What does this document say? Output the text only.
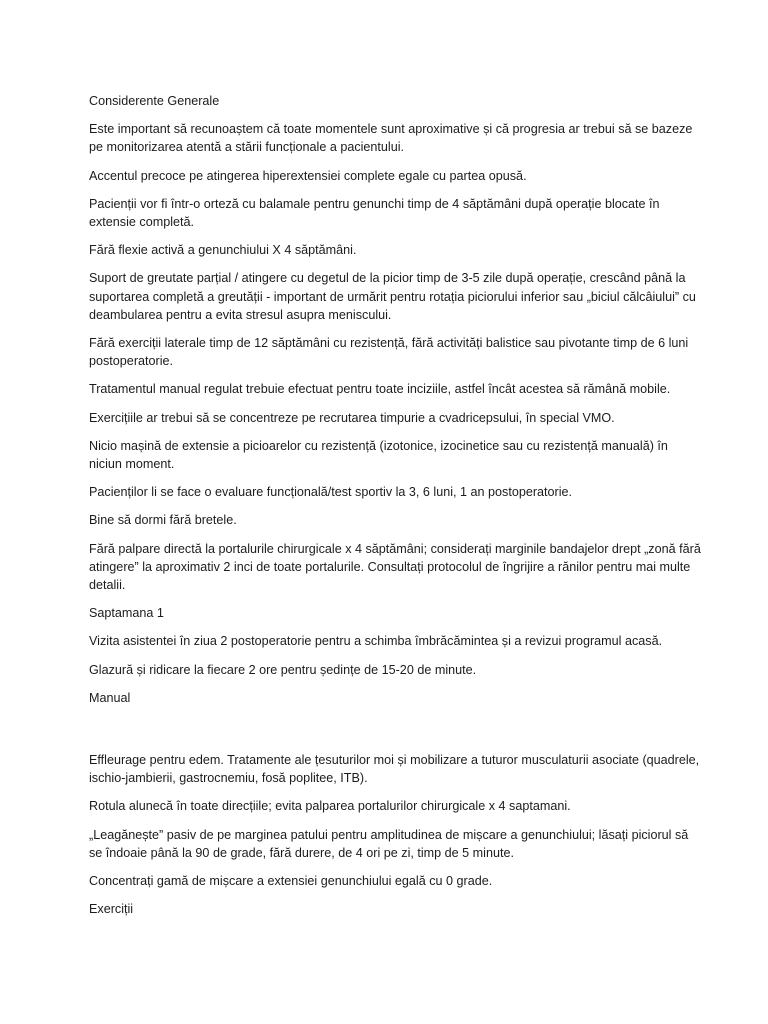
Considerente Generale

Este important să recunoaștem că toate momentele sunt aproximative și că progresia ar trebui să se bazeze pe monitorizarea atentă a stării funcționale a pacientului.

Accentul precoce pe atingerea hiperextensiei complete egale cu partea opusă.

Pacienții vor fi într-o orteză cu balamale pentru genunchi timp de 4 săptămâni după operație blocate în extensie completă.

Fără flexie activă a genunchiului X 4 săptămâni.

Suport de greutate parțial / atingere cu degetul de la picior timp de 3-5 zile după operație, crescând până la suportarea completă a greutății - important de urmărit pentru rotația piciorului inferior sau „biciul călcâiului” cu deambularea pentru a evita stresul asupra meniscului.

Fără exerciții laterale timp de 12 săptămâni cu rezistență, fără activități balistice sau pivotante timp de 6 luni postoperatorie.

Tratamentul manual regulat trebuie efectuat pentru toate inciziile, astfel încât acestea să rămână mobile.

Exercițiile ar trebui să se concentreze pe recrutarea timpurie a cvadricepsului, în special VMO.

Nicio mașină de extensie a picioarelor cu rezistență (izotonice, izocinetice sau cu rezistență manuală) în niciun moment.

Pacienților li se face o evaluare funcțională/test sportiv la 3, 6 luni, 1 an postoperatorie.

Bine să dormi fără bretele.

Fără palpare directă la portalurile chirurgicale x 4 săptămâni; considerați marginile bandajelor drept „zonă fără atingere” la aproximativ 2 inci de toate portalurile. Consultați protocolul de îngrijire a rănilor pentru mai multe detalii.

Saptamana 1

Vizita asistentei în ziua 2 postoperatorie pentru a schimba îmbrăcămintea și a revizui programul acasă.

Glazură și ridicare la fiecare 2 ore pentru ședințe de 15-20 de minute.

Manual

Effleurage pentru edem. Tratamente ale țesuturilor moi și mobilizare a tuturor musculaturii asociate (quadrele, ischio-jambierii, gastrocnemiu, fosă poplitee, ITB).

Rotula alunecă în toate direcțiile; evita palparea portalurilor chirurgicale x 4 saptamani.

„Leagănește” pasiv de pe marginea patului pentru amplitudinea de mișcare a genunchiului; lăsați piciorul să se îndoaie până la 90 de grade, fără durere, de 4 ori pe zi, timp de 5 minute.

Concentrați gamă de mișcare a extensiei genunchiului egală cu 0 grade.

Exerciții
